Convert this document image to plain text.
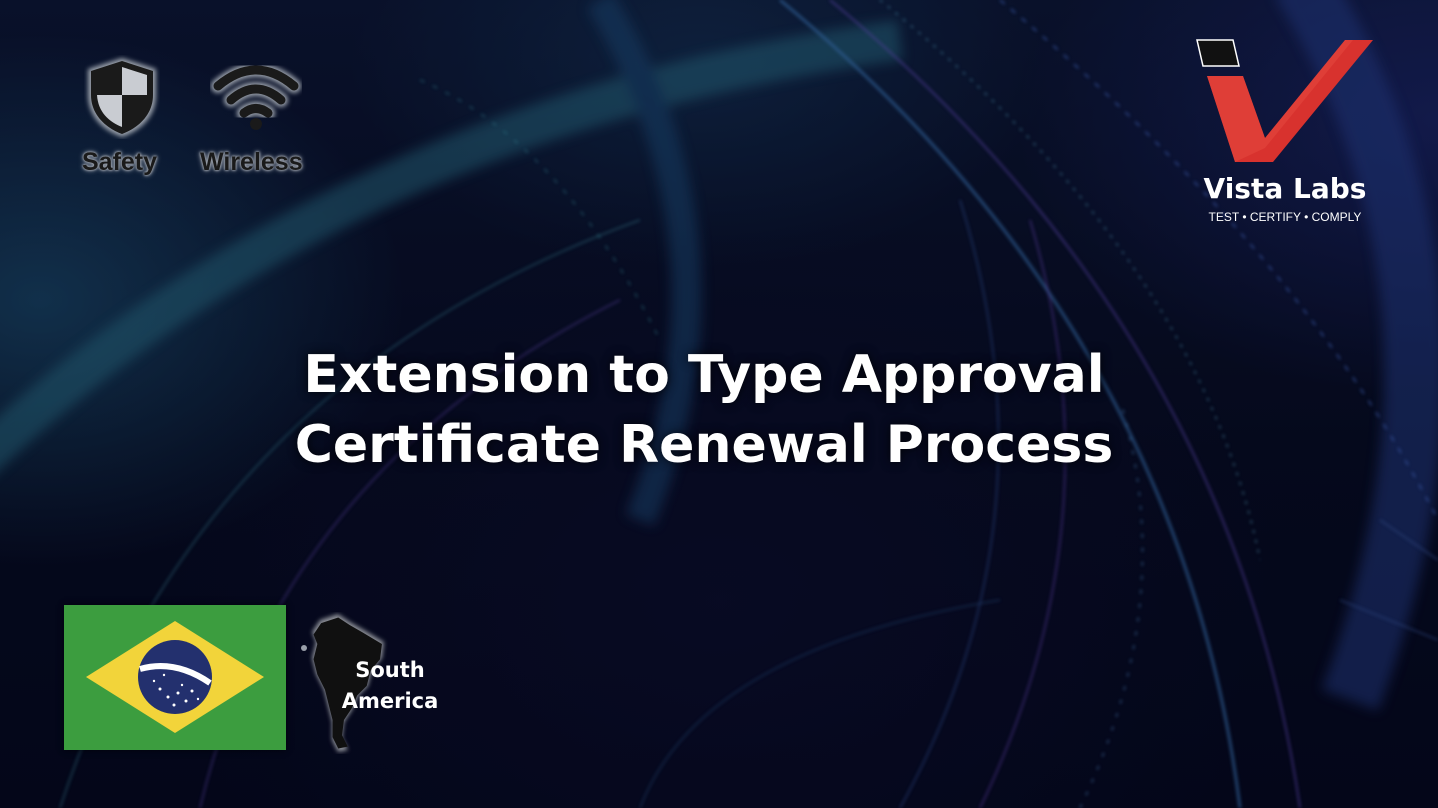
Safety Wireless
Vista Labs
TEST • CERTIFY • COMPLY
Extension to Type Approval
Certificate Renewal Process
South
America
